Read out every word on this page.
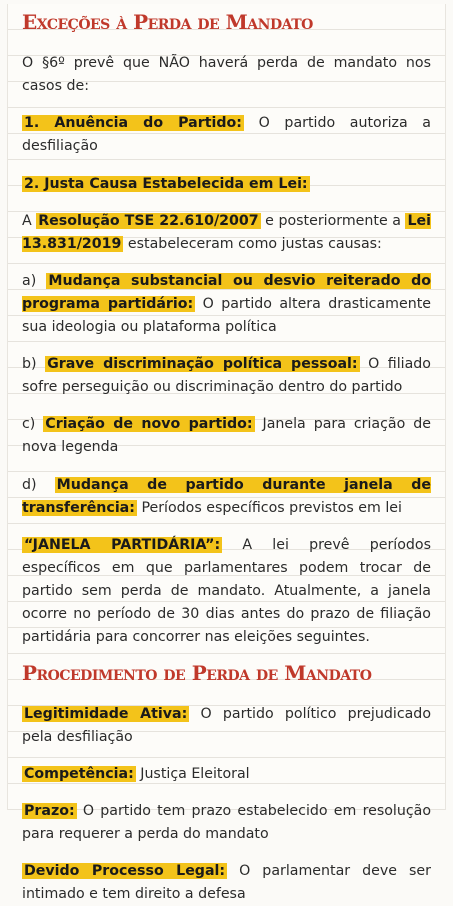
Exceções à Perda de Mandato

O §6º prevê que NÃO haverá perda de mandato nos casos de:

1. Anuência do Partido: O partido autoriza a desfiliação

2. Justa Causa Estabelecida em Lei:

A Resolução TSE 22.610/2007 e posteriormente a Lei 13.831/2019 estabeleceram como justas causas:

a) Mudança substancial ou desvio reiterado do programa partidário: O partido altera drasticamente sua ideologia ou plataforma política

b) Grave discriminação política pessoal: O filiado sofre perseguição ou discriminação dentro do partido

c) Criação de novo partido: Janela para criação de nova legenda

d) Mudança de partido durante janela de transferência: Períodos específicos previstos em lei

“JANELA PARTIDÁRIA”: A lei prevê períodos específicos em que parlamentares podem trocar de partido sem perda de mandato. Atualmente, a janela ocorre no período de 30 dias antes do prazo de filiação partidária para concorrer nas eleições seguintes.

Procedimento de Perda de Mandato

Legitimidade Ativa: O partido político prejudicado pela desfiliação

Competência: Justiça Eleitoral

Prazo: O partido tem prazo estabelecido em resolução para requerer a perda do mandato

Devido Processo Legal: O parlamentar deve ser intimado e tem direito a defesa
